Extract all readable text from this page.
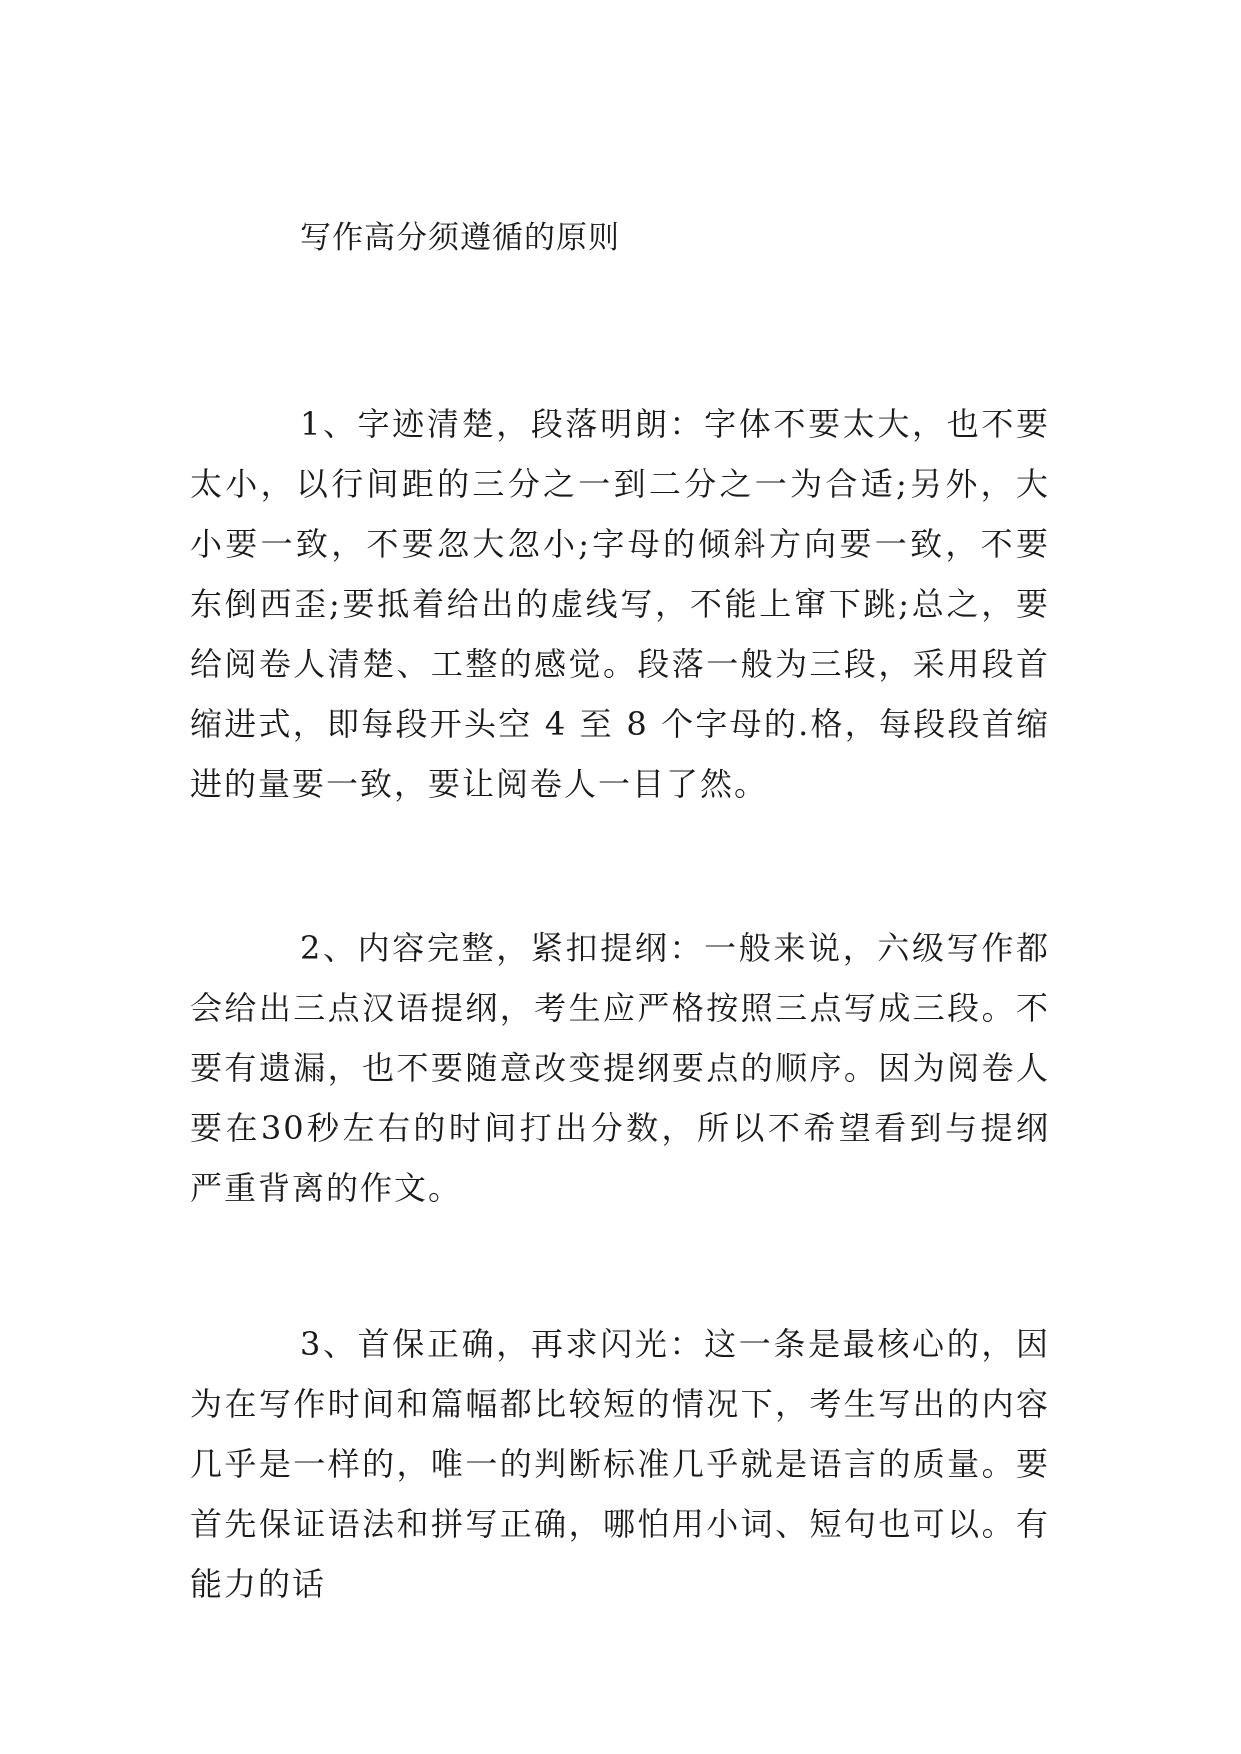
写作高分须遵循的原则

1、字迹清楚，段落明朗：字体不要太大，也不要太小，以行间距的三分之一到二分之一为合适;另外，大小要一致，不要忽大忽小;字母的倾斜方向要一致，不要东倒西歪;要抵着给出的虚线写，不能上窜下跳;总之，要给阅卷人清楚、工整的感觉。段落一般为三段，采用段首缩进式，即每段开头空 4 至 8 个字母的.格，每段段首缩进的量要一致，要让阅卷人一目了然。

2、内容完整，紧扣提纲：一般来说，六级写作都会给出三点汉语提纲，考生应严格按照三点写成三段。不要有遗漏，也不要随意改变提纲要点的顺序。因为阅卷人要在30秒左右的时间打出分数，所以不希望看到与提纲严重背离的作文。

3、首保正确，再求闪光：这一条是最核心的，因为在写作时间和篇幅都比较短的情况下，考生写出的内容几乎是一样的，唯一的判断标准几乎就是语言的质量。要首先保证语法和拼写正确，哪怕用小词、短句也可以。有能力的话
